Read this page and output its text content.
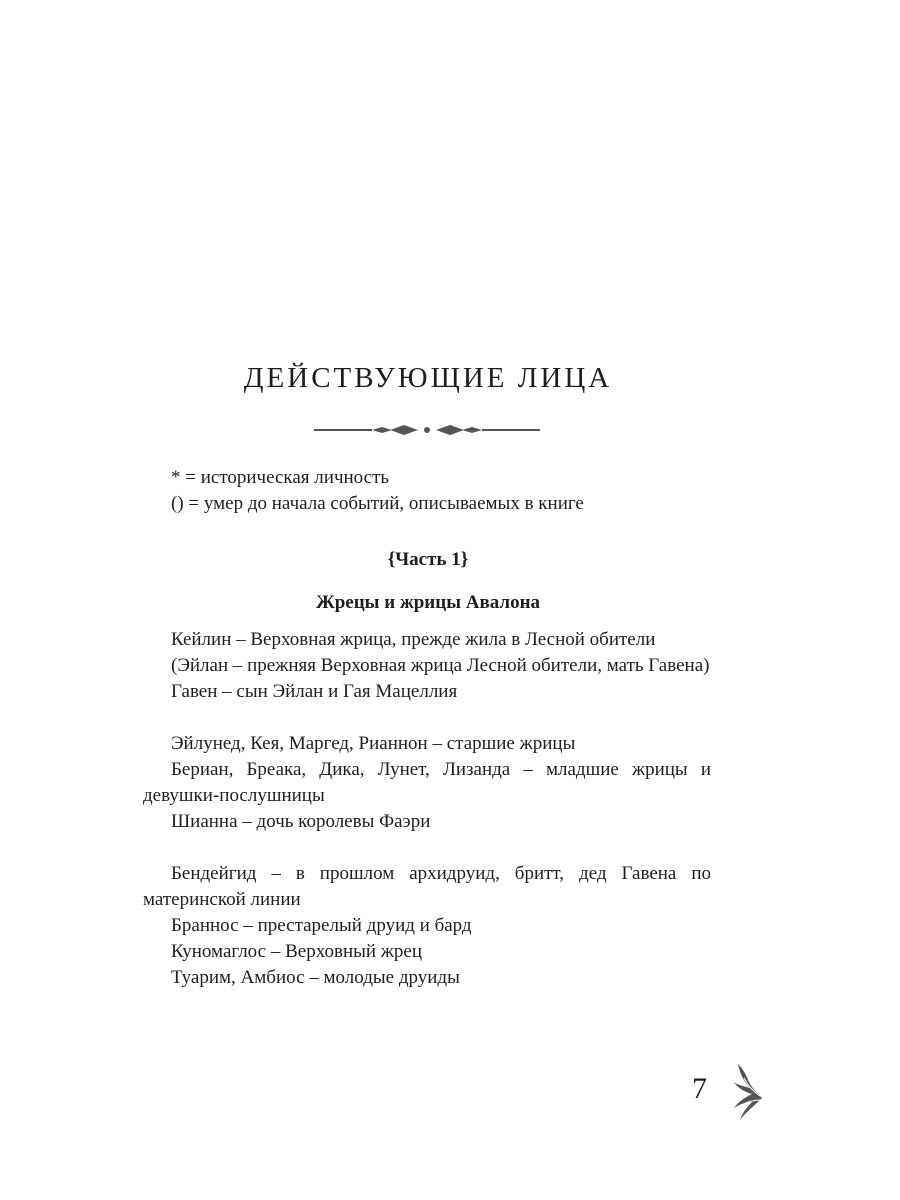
ДЕЙСТВУЮЩИЕ ЛИЦА
* = историческая личность
() = умер до начала событий, описываемых в книге
{Часть 1}
Жрецы и жрицы Авалона

Кейлин – Верховная жрица, прежде жила в Лесной обители

(Эйлан – прежняя Верховная жрица Лесной обители, мать Гавена)

Гавен – сын Эйлан и Гая Мацеллия

Эйлунед, Кея, Маргед, Рианнон – старшие жрицы

Бериан, Бреака, Дика, Лунет, Лизанда – младшие жрицы и девушки-послушницы

Шианна – дочь королевы Фаэри

Бендейгид – в прошлом архидруид, бритт, дед Гавена по материнской линии

Браннос – престарелый друид и бард

Куномаглос – Верховный жрец

Туарим, Амбиос – молодые друиды

7
